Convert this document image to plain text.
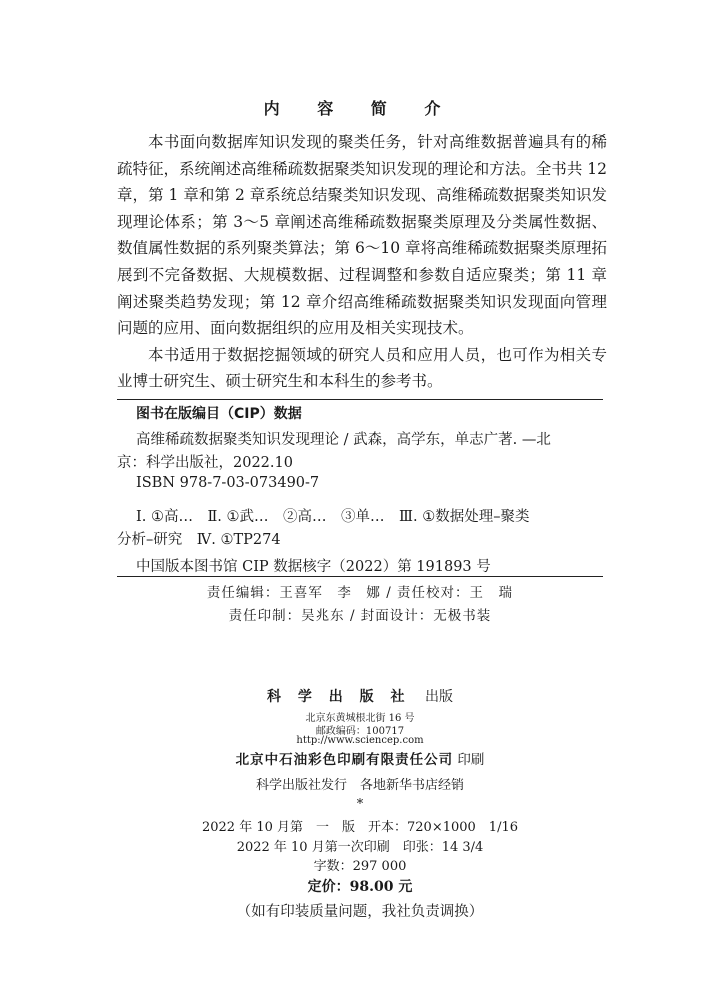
内 容 简 介

本书面向数据库知识发现的聚类任务，针对高维数据普遍具有的稀疏特征，系统阐述高维稀疏数据聚类知识发现的理论和方法。全书共 12 章，第 1 章和第 2 章系统总结聚类知识发现、高维稀疏数据聚类知识发现理论体系；第 3～5 章阐述高维稀疏数据聚类原理及分类属性数据、数值属性数据的系列聚类算法；第 6～10 章将高维稀疏数据聚类原理拓展到不完备数据、大规模数据、过程调整和参数自适应聚类；第 11 章阐述聚类趋势发现；第 12 章介绍高维稀疏数据聚类知识发现面向管理问题的应用、面向数据组织的应用及相关实现技术。

本书适用于数据挖掘领域的研究人员和应用人员，也可作为相关专业博士研究生、硕士研究生和本科生的参考书。

图书在版编目（CIP）数据
高维稀疏数据聚类知识发现理论 / 武森，高学东，单志广著. —北
京：科学出版社，2022.10
ISBN 978-7-03-073490-7
Ⅰ. ①高…　Ⅱ. ①武…　②高…　③单…　Ⅲ. ①数据处理–聚类
分析–研究　Ⅳ. ①TP274
中国版本图书馆 CIP 数据核字（2022）第 191893 号
责任编辑：王喜军　李　娜 / 责任校对：王　瑞
责任印制：吴兆东 / 封面设计：无极书装
科 学 出 版 社 出版
北京东黄城根北街 16 号
邮政编码：100717
http://www.sciencep.com
北京中石油彩色印刷有限责任公司 印刷
科学出版社发行　各地新华书店经销
*
2022 年 10 月第　一　版　开本：720×1000　1/16
2022 年 10 月第一次印刷　印张：14 3/4
字数：297 000
定价：98.00 元
（如有印装质量问题，我社负责调换）
